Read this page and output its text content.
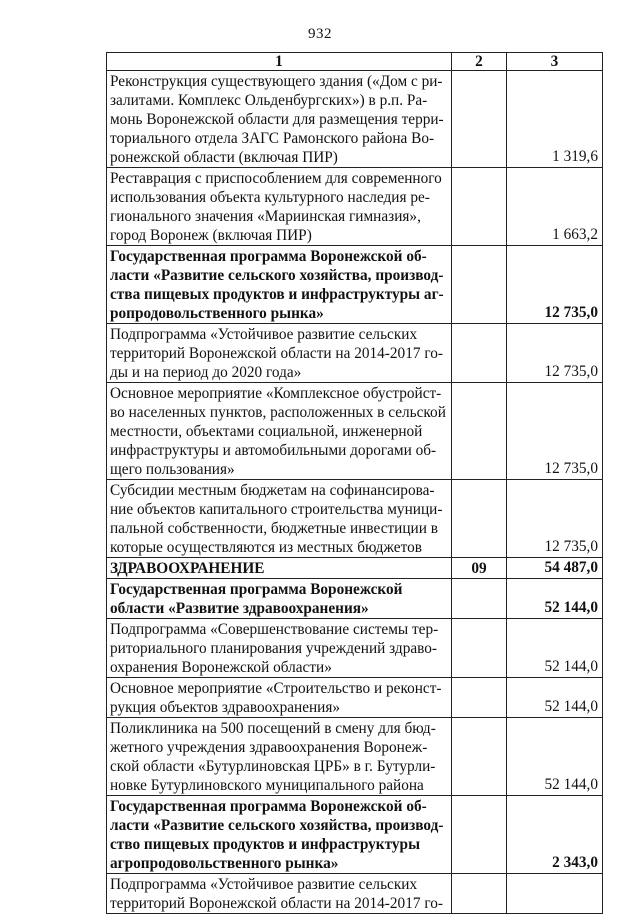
932
1	2	3
Реконструкция существующего здания («Дом с ри-
залитами. Комплекс Ольденбургских») в р.п. Ра-
монь Воронежской области для размещения терри-
ториального отдела ЗАГС Рамонского района Во-
ронежской области (включая ПИР)		1 319,6
Реставрация с приспособлением для современного
использования объекта культурного наследия ре-
гионального значения «Мариинская гимназия»,
город Воронеж (включая ПИР)		1 663,2
Государственная программа Воронежской об-
ласти «Развитие сельского хозяйства, производ-
ства пищевых продуктов и инфраструктуры аг-
ропродовольственного рынка»		12 735,0
Подпрограмма «Устойчивое развитие сельских
территорий Воронежской области на 2014-2017 го-
ды и на период до 2020 года»		12 735,0
Основное мероприятие «Комплексное обустройст-
во населенных пунктов, расположенных в сельской
местности, объектами социальной, инженерной
инфраструктуры и автомобильными дорогами об-
щего пользования»		12 735,0
Субсидии местным бюджетам на софинансирова-
ние объектов капитального строительства муници-
пальной собственности, бюджетные инвестиции в
которые осуществляются из местных бюджетов		12 735,0
ЗДРАВООХРАНЕНИЕ	09	54 487,0
Государственная программа Воронежской
области «Развитие здравоохранения»		52 144,0
Подпрограмма «Совершенствование системы тер-
риториального планирования учреждений здраво-
охранения Воронежской области»		52 144,0
Основное мероприятие «Строительство и реконст-
рукция объектов здравоохранения»		52 144,0
Поликлиника на 500 посещений в смену для бюд-
жетного учреждения здравоохранения Воронеж-
ской области «Бутурлиновская ЦРБ» в г. Бутурли-
новке Бутурлиновского муниципального района		52 144,0
Государственная программа Воронежской об-
ласти «Развитие сельского хозяйства, производ-
ство пищевых продуктов и инфраструктуры
агропродовольственного рынка»		2 343,0
Подпрограмма «Устойчивое развитие сельских
территорий Воронежской области на 2014-2017 го-		
